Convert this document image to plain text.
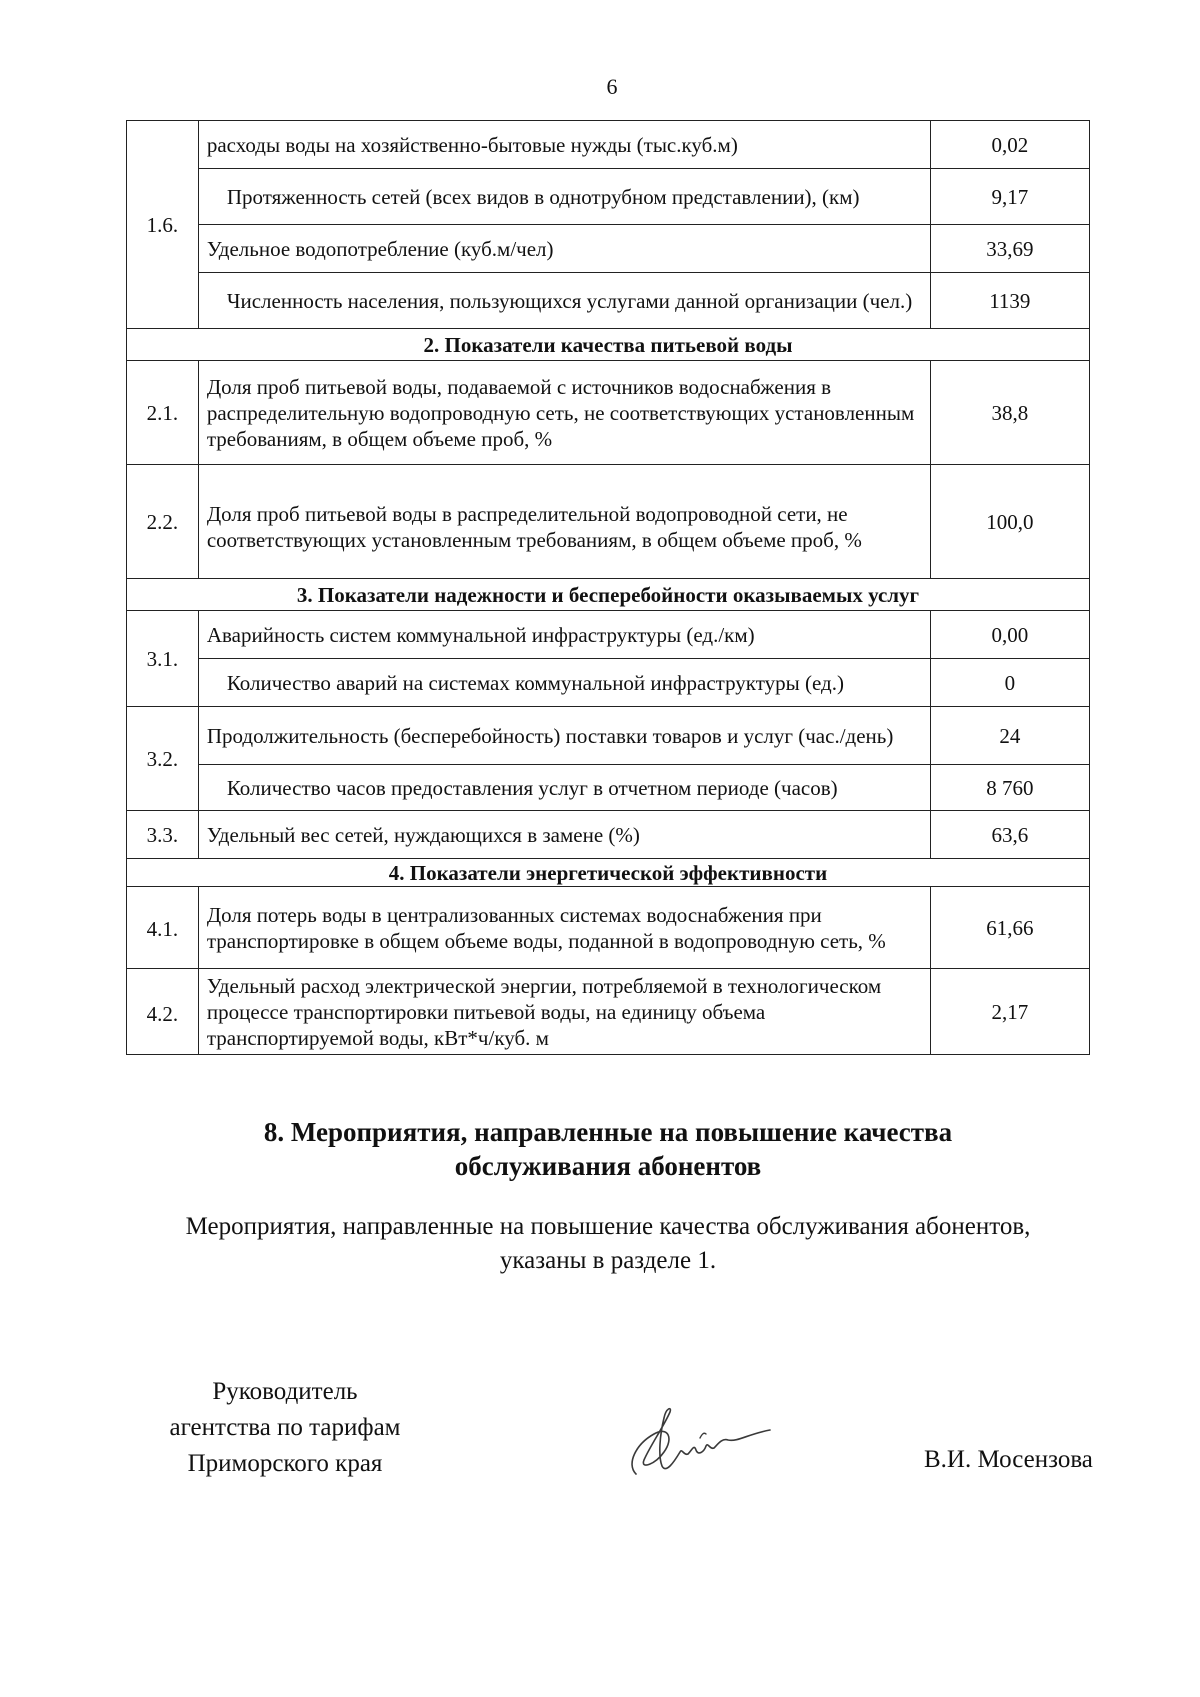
6
1.6.	расходы воды на хозяйственно-бытовые нужды (тыс.куб.м)	0,02
	Протяженность сетей (всех видов в однотрубном представлении), (км)	9,17
	Удельное водопотребление (куб.м/чел)	33,69
	Численность населения, пользующихся услугами данной организации (чел.)	1139
2. Показатели качества питьевой воды		
2.1.	Доля проб питьевой воды, подаваемой с источников водоснабжения в распределительную водопроводную сеть, не соответствующих установленным требованиям, в общем объеме проб, %	38,8
2.2.	Доля проб питьевой воды в распределительной водопроводной сети, не соответствующих установленным требованиям, в общем объеме проб, %	100,0
3. Показатели надежности и бесперебойности оказываемых услуг		
3.1.	Аварийность систем коммунальной инфраструктуры (ед./км)	0,00
	Количество аварий на системах коммунальной инфраструктуры (ед.)	0
3.2.	Продолжительность (бесперебойность) поставки товаров и услуг (час./день)	24
	Количество часов предоставления услуг в отчетном периоде (часов)	8 760
3.3.	Удельный вес сетей, нуждающихся в замене (%)	63,6
4. Показатели энергетической эффективности		
4.1.	Доля потерь воды в централизованных системах водоснабжения при транспортировке в общем объеме воды, поданной в водопроводную сеть, %	61,66
4.2.	Удельный расход электрической энергии, потребляемой в технологическом процессе транспортировки питьевой воды, на единицу объема транспортируемой воды, кВт*ч/куб. м	2,17
8. Мероприятия, направленные на повышение качества
обслуживания абонентов
Мероприятия, направленные на повышение качества обслуживания абонентов,
указаны в разделе 1.
Руководитель
агентства по тарифам
Приморского края	В.И. Мосензова
